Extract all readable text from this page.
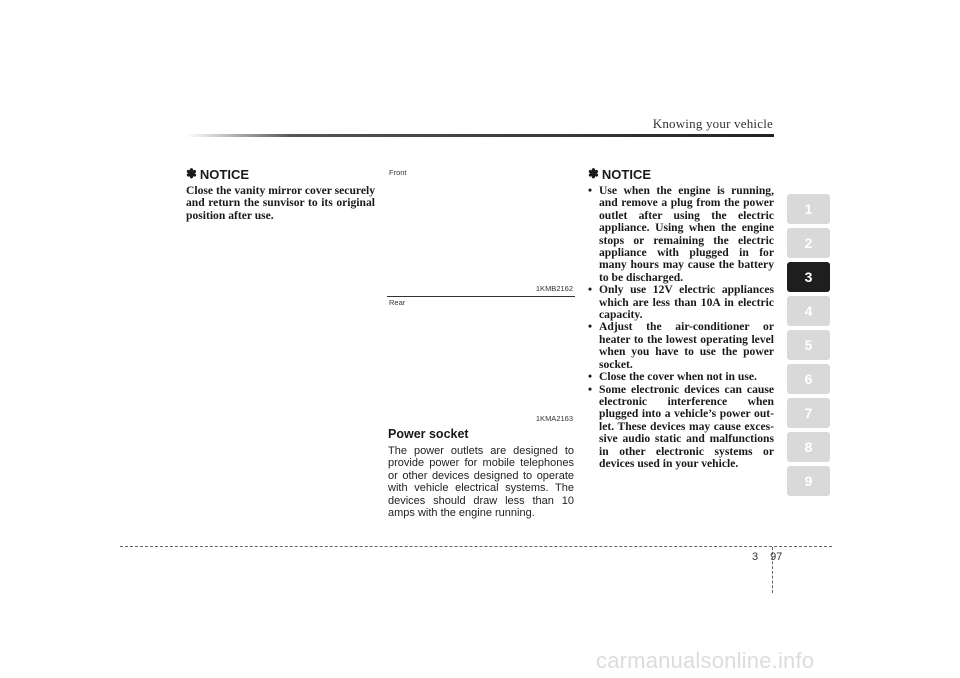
Knowing your vehicle
✽ NOTICE
Close the vanity mirror cover securely and return the sunvisor to its original position after use.
Front
1KMB2162
Rear
1KMA2163
Power socket
The power outlets are designed to provide power for mobile telephones or other devices designed to operate with vehicle electrical systems. The devices should draw less than 10 amps with the engine running.
✽ NOTICE
• Use when the engine is running, and remove a plug from the power outlet after using the electric appliance. Using when the engine stops or remaining the electric appliance with plugged in for many hours may cause the battery to be discharged.
• Only use 12V electric appliances which are less than 10A in electric capacity.
• Adjust the air-conditioner or heater to the lowest operating level when you have to use the power socket.
• Close the cover when not in use.
• Some electronic devices can cause electronic interference when plugged into a vehicle’s power out- let. These devices may cause exces- sive audio static and malfunctions in other electronic systems or devices used in your vehicle.
1
2
3
4
5
6
7
8
9
3 97
carmanualsonline.info
